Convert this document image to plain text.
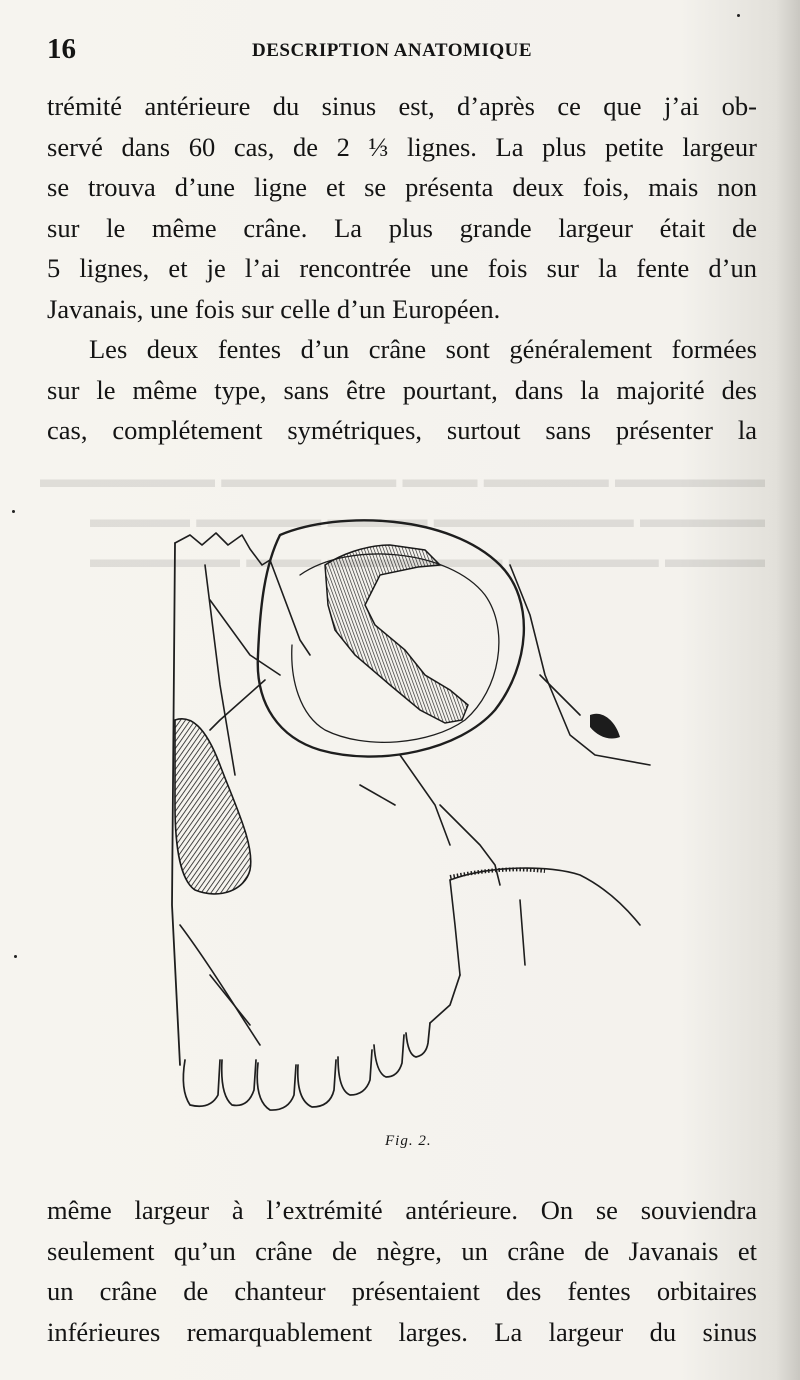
▬▬▬▬▬▬ ▬▬▬▬▬ ▬▬▬ ▬▬▬▬▬▬▬ ▬▬▬▬▬▬▬
▬▬▬▬▬ ▬▬▬▬▬▬▬▬ ▬▬▬▬ ▬▬▬▬▬ ▬▬▬▬
▬▬▬▬ ▬▬▬▬▬▬ ▬▬▬ ▬▬▬▬▬▬
16	DESCRIPTION ANATOMIQUE
trémité antérieure du sinus est, d’après ce que j’ai ob-
servé dans 60 cas, de 2 ⅓ lignes. La plus petite largeur
se trouva d’une ligne et se présenta deux fois, mais non
sur le même crâne. La plus grande largeur était de
5 lignes, et je l’ai rencontrée une fois sur la fente d’un
Javanais, une fois sur celle d’un Européen.
Les deux fentes d’un crâne sont généralement formées
sur le même type, sans être pourtant, dans la majorité des
cas, complétement symétriques, surtout sans présenter la
Fig. 2.
même largeur à l’extrémité antérieure. On se souviendra
seulement qu’un crâne de nègre, un crâne de Javanais et
un crâne de chanteur présentaient des fentes orbitaires
inférieures remarquablement larges. La largeur du sinus
